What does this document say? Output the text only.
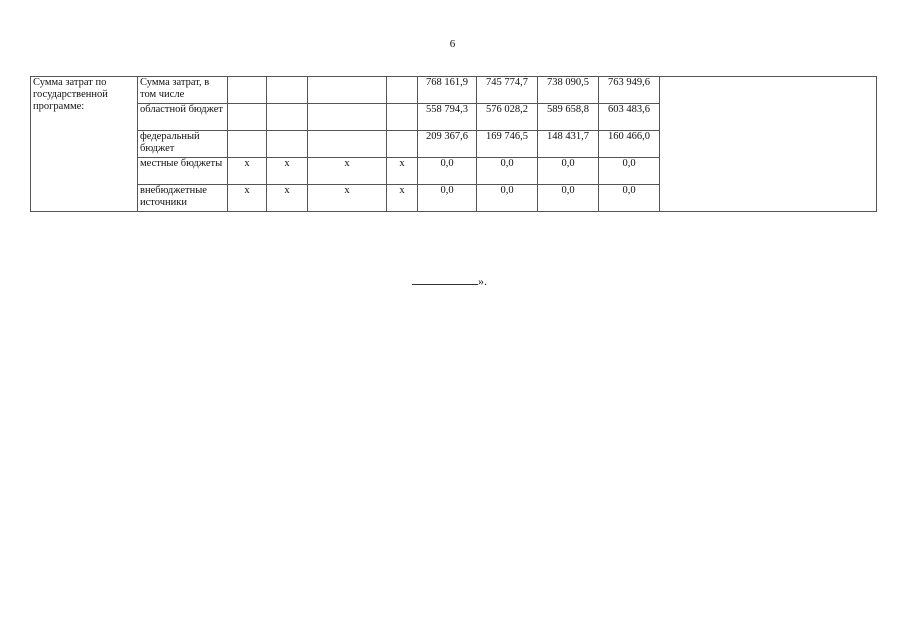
6
Сумма затрат по государственной программе:	Сумма затрат, в том числе					768 161,9	745 774,7	738 090,5	763 949,6	
	областной бюджет					558 794,3	576 028,2	589 658,8	603 483,6	
	федеральный бюджет					209 367,6	169 746,5	148 431,7	160 466,0	
	местные бюджеты	x	x	x	x	0,0	0,0	0,0	0,0	
	внебюджетные источники	x	x	x	x	0,0	0,0	0,0	0,0	
».
